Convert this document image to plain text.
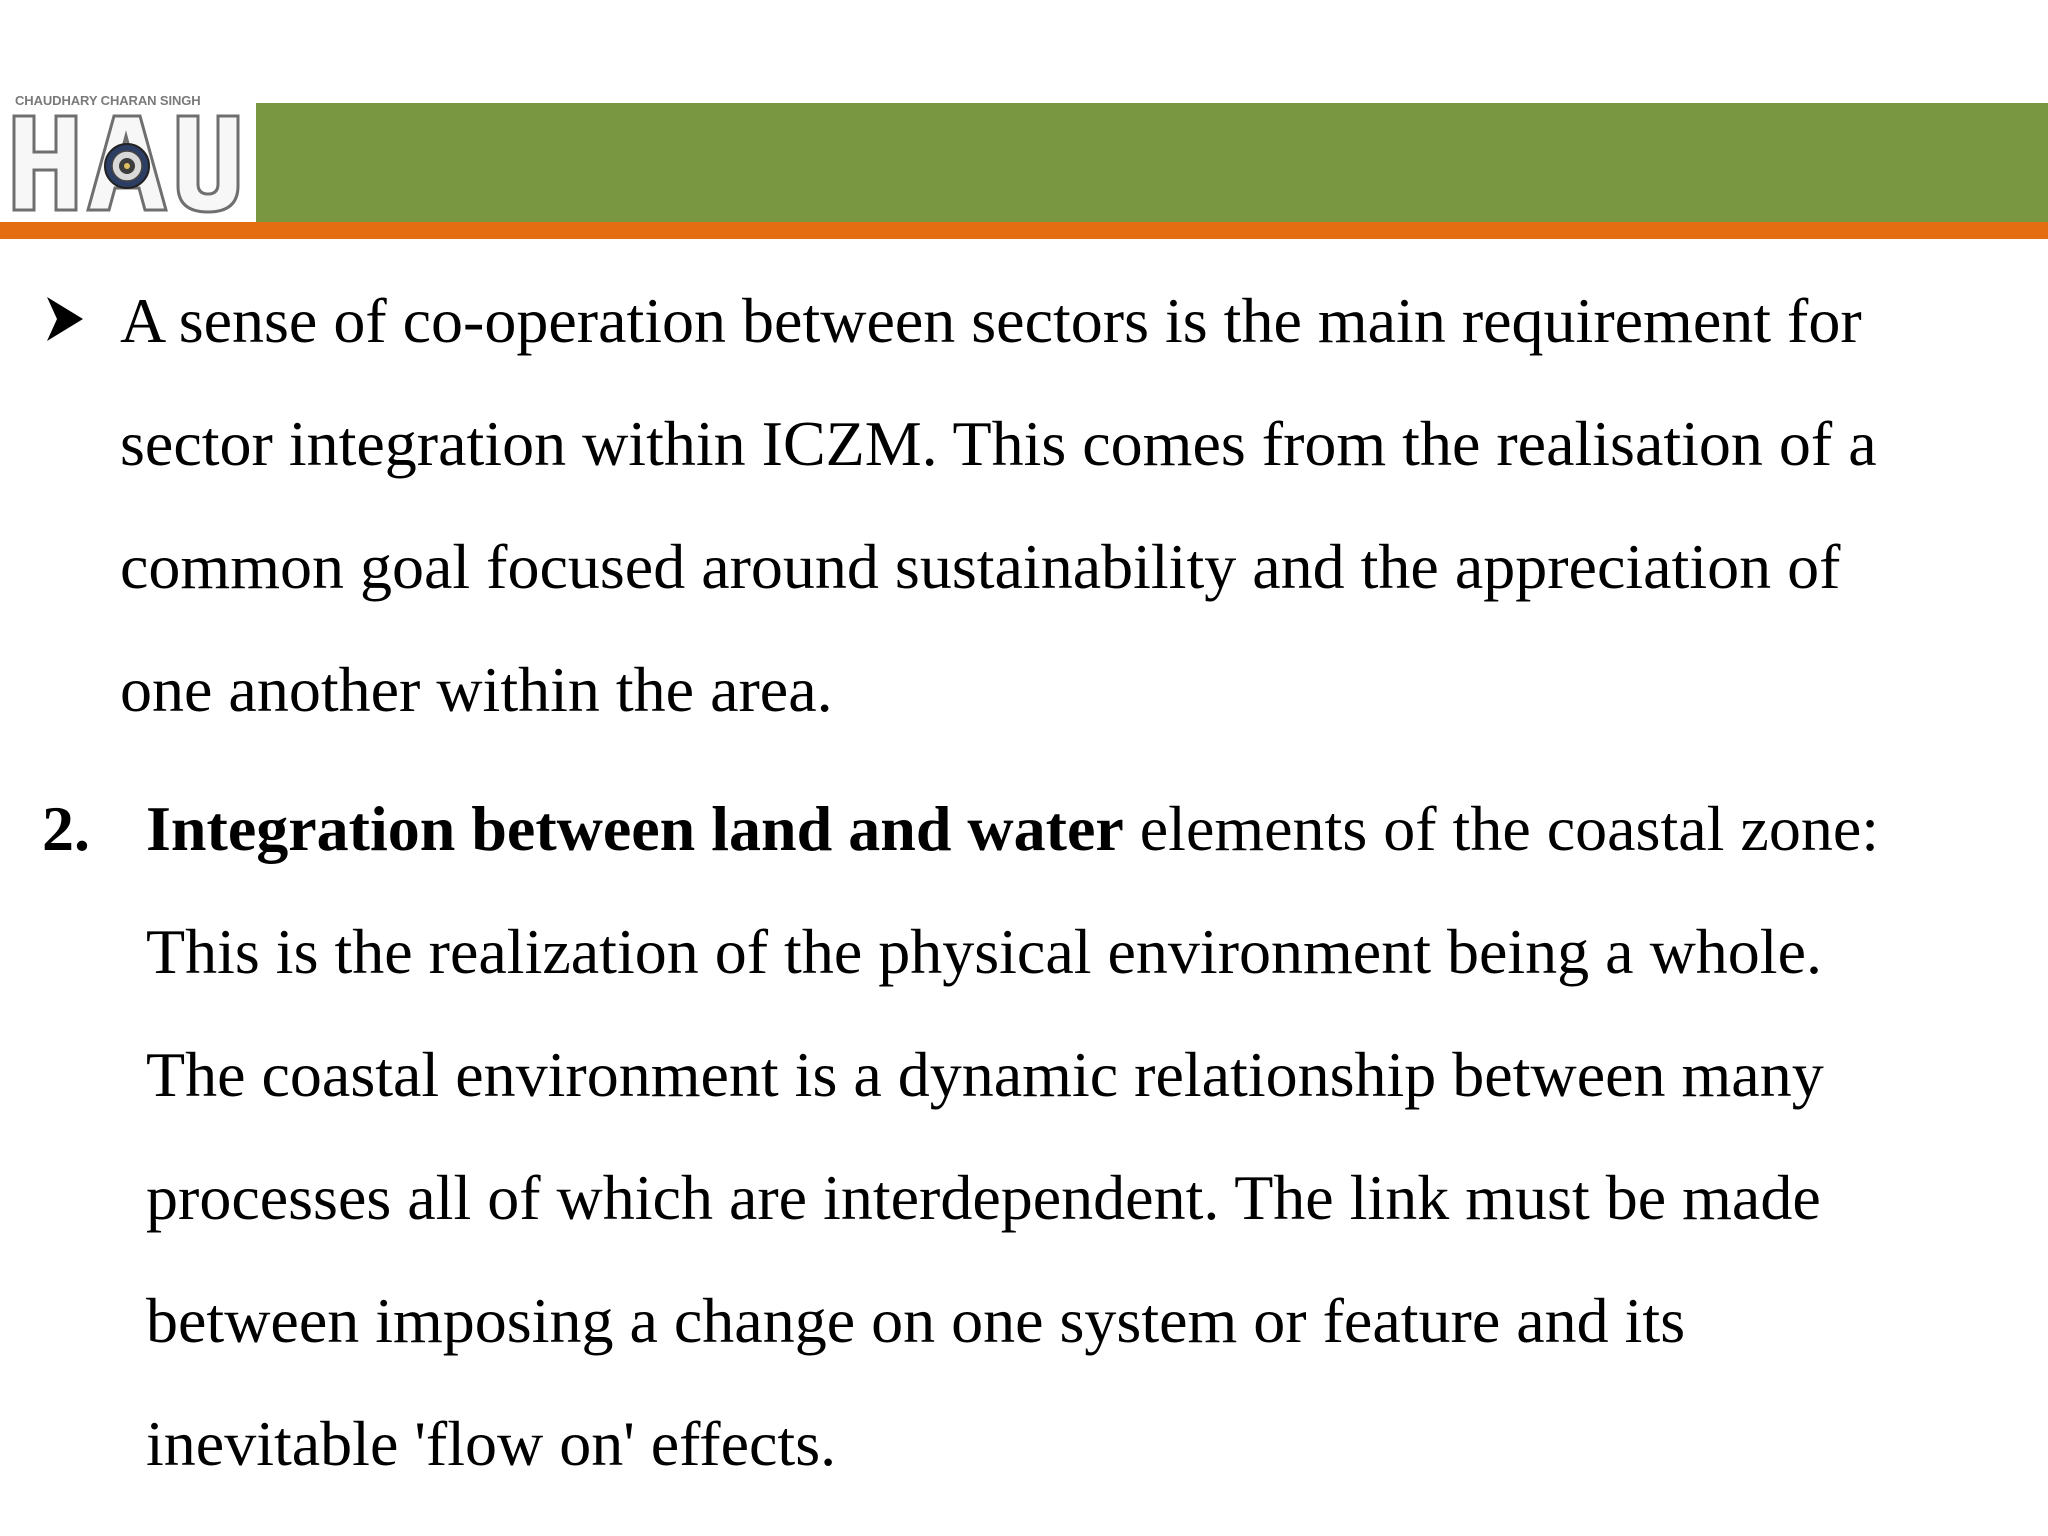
CHAUDHARY CHARAN SINGH

A sense of co-operation between sectors is the main requirement for

sector integration within ICZM. This comes from the realisation of a

common goal focused around sustainability and the appreciation of

one another within the area.

2. Integration between land and water elements of the coastal zone:

This is the realization of the physical environment being a whole.

The coastal environment is a dynamic relationship between many

processes all of which are interdependent. The link must be made

between imposing a change on one system or feature and its

inevitable 'flow on' effects.
